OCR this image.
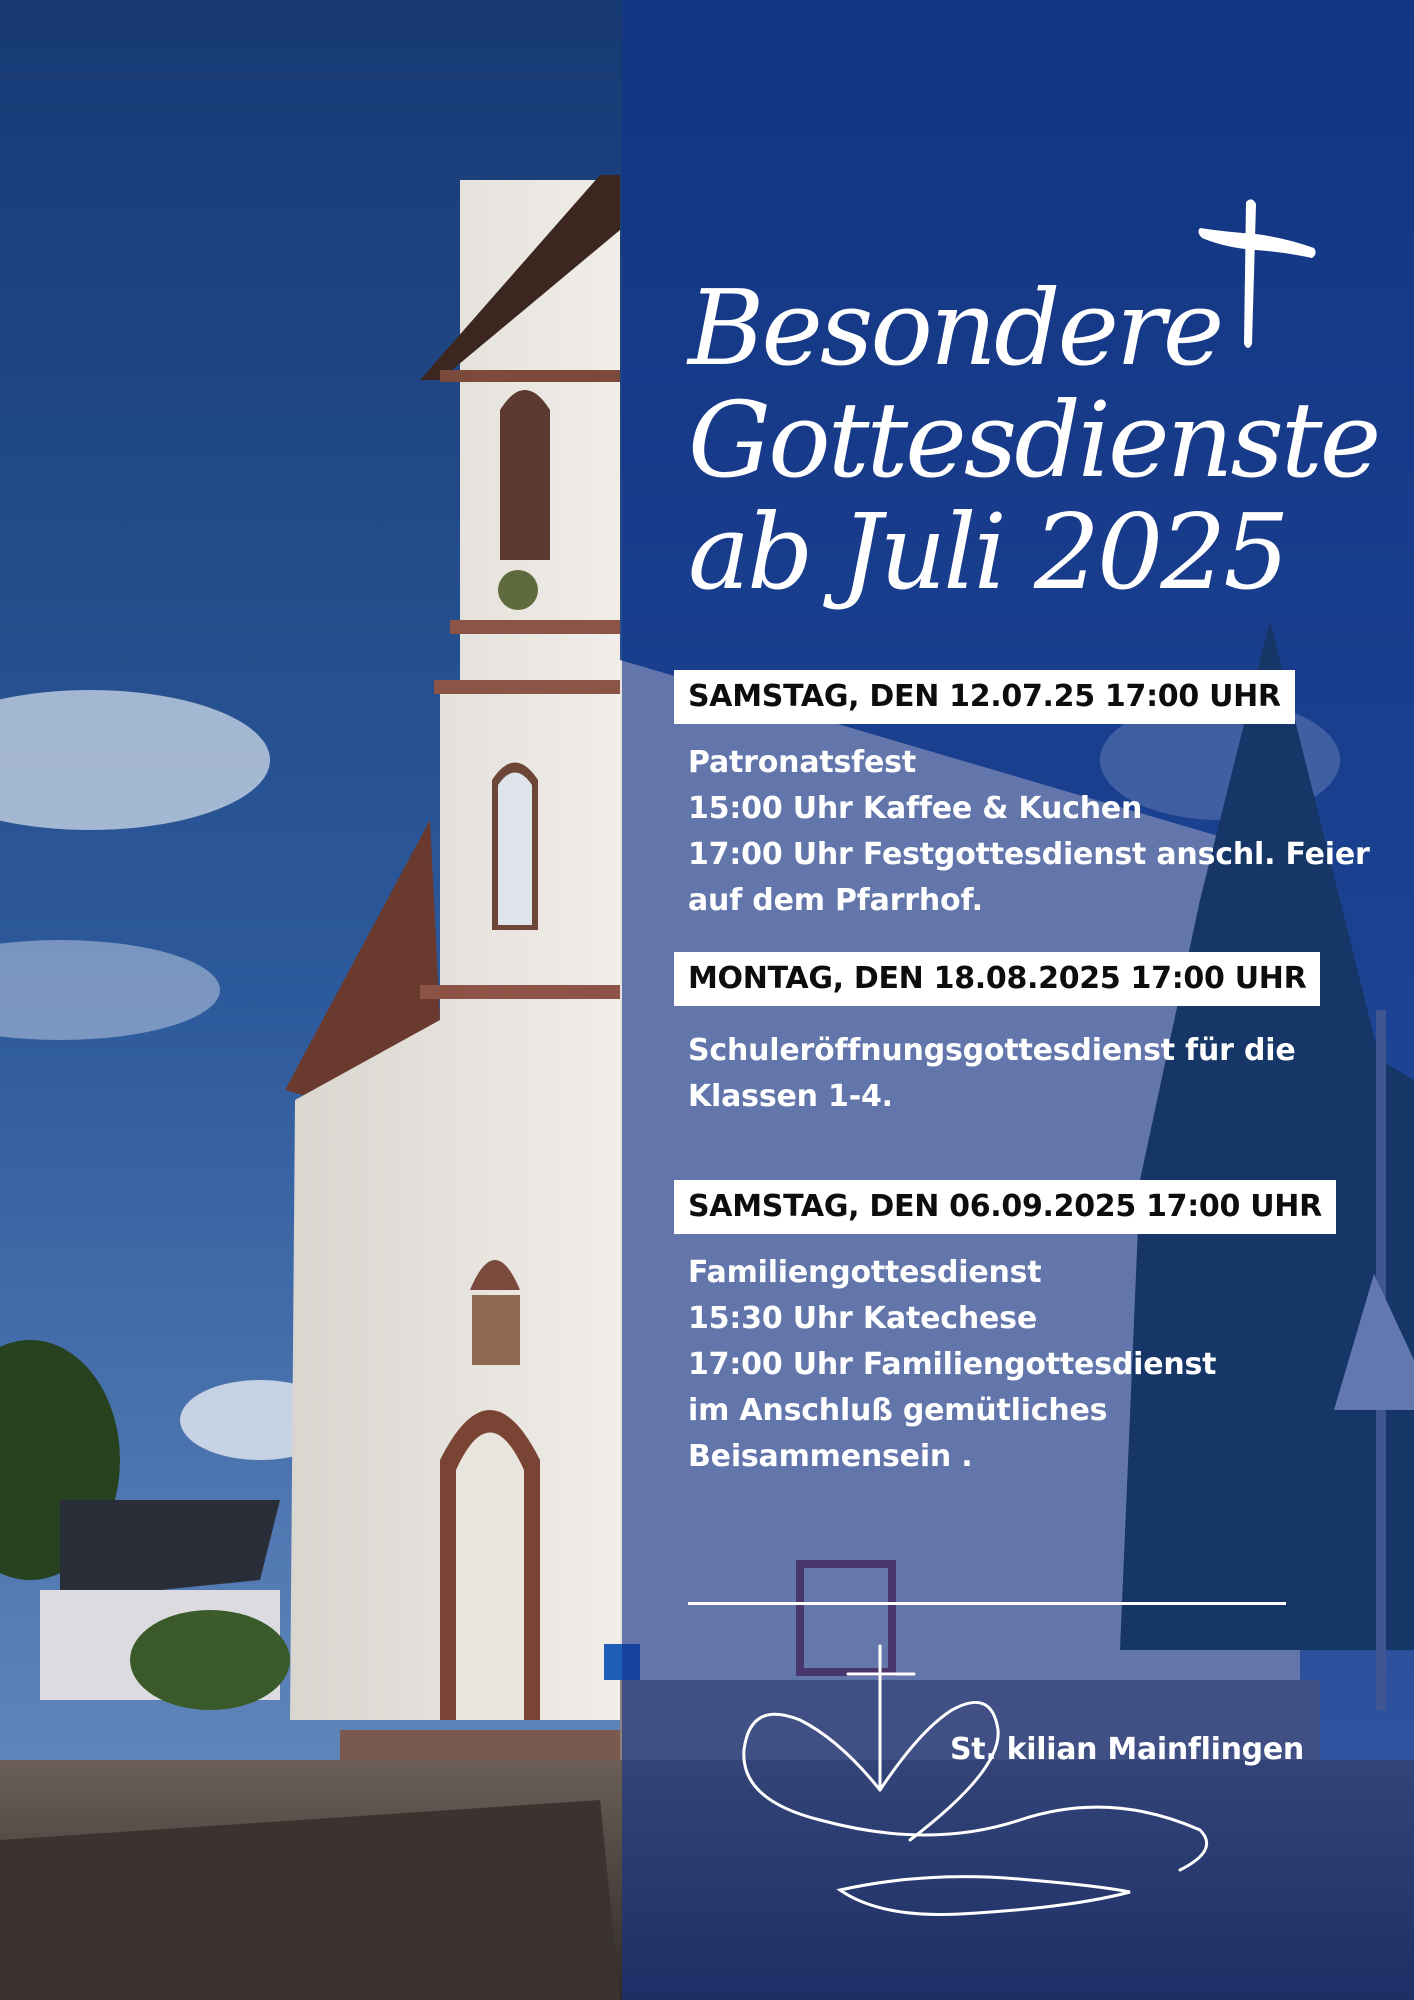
Besondere
Gottesdienste
ab Juli 2025
SAMSTAG, DEN 12.07.25 17:00 UHR
Patronatsfest
15:00 Uhr Kaffee & Kuchen
17:00 Uhr Festgottesdienst anschl. Feier
auf dem Pfarrhof.
MONTAG, DEN 18.08.2025 17:00 UHR
Schuleröffnungsgottesdienst für die
Klassen 1-4.
SAMSTAG, DEN 06.09.2025 17:00 UHR
Familiengottesdienst
15:30 Uhr Katechese
17:00 Uhr Familiengottesdienst
im Anschluß gemütliches
Beisammensein .
St. kilian Mainflingen
